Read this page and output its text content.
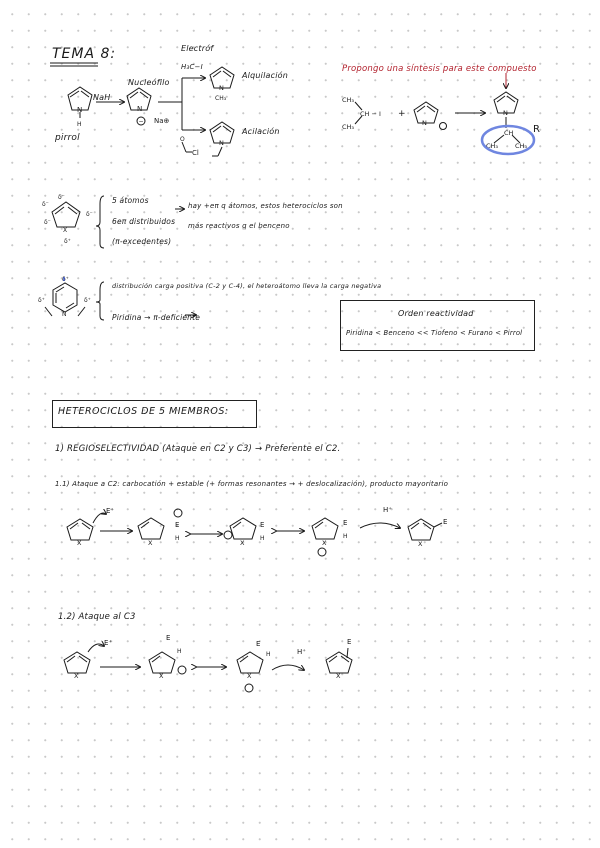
TEMA 8:
pirrol
NaH
Nucleófilo
Electróf
H₃C−I
Alquilación
Acilación
Na⊕
CH₃
Cl
Propongo una síntesis para este compuesto
R
CH₃
CH − I
CH₃
CH
CH₃	CH₃
5 átomos
6eπ distribuidos
(π-excedentes)
hay +eπ q átomos, estos heterociclos son
más reactivos q el benceno
distribución carga positiva (C-2 y C-4), el heteroátomo lleva la carga negativa
Piridina → π-deficiente	Orden reactividad
Piridina < Benceno << Tiofeno < Furano < Pirrol
HETEROCICLOS DE 5 MIEMBROS:
1) REGIOSELECTIVIDAD (Ataque en C2 y C3) → Preferente el C2.
1.1) Ataque a C2: carbocatión + estable (+ formas resonantes → + deslocalización), producto mayoritario
1.2) Ataque al C3
N
H
N
−
N
N
O
+
N
N
X
δ⁻
δ⁻
δ⁻
δ⁻
δ⁺
N
δ⁺	δ⁺
δ⁺
X	X	X	X	X
X	X	X	X
E⁺
E
H
E
H
E
H
H⁺
E
E⁺
E
H
E
H	H⁺
E
